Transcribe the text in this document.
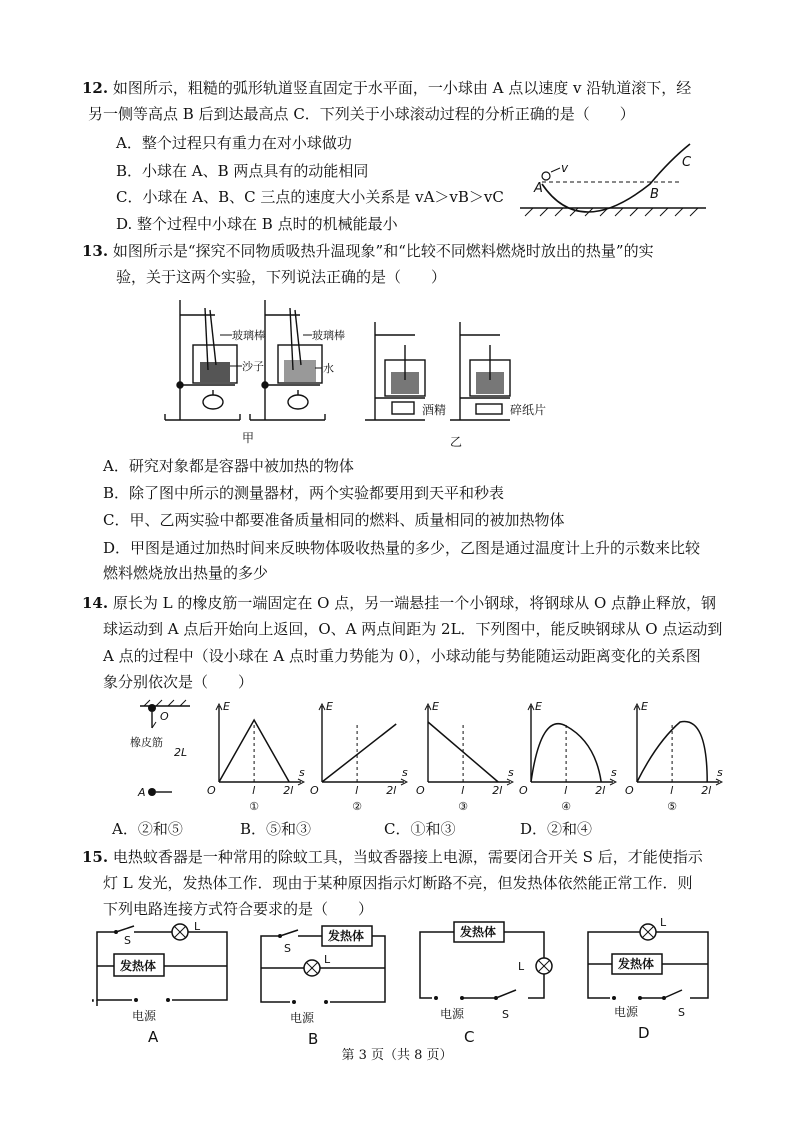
12. 如图所示，粗糙的弧形轨道竖直固定于水平面，一小球由 A 点以速度 v 沿轨道滚下，经
另一侧等高点 B 后到达最高点 C．下列关于小球滚动过程的分析正确的是（　　）
A．整个过程只有重力在对小球做功
B．小球在 A、B 两点具有的动能相同
C．小球在 A、B、C 三点的速度大小关系是 vA＞vB＞vC
D. 整个过程中小球在 B 点时的机械能最小
A
v
B
C
13. 如图所示是“探究不同物质吸热升温现象”和“比较不同燃料燃烧时放出的热量”的实
验，关于这两个实验，下列说法正确的是（　　）
玻璃棒	玻璃棒
沙子	水
甲
酒精	碎纸片
乙
A．研究对象都是容器中被加热的物体
B．除了图中所示的测量器材，两个实验都要用到天平和秒表
C．甲、乙两实验中都要准备质量相同的燃料、质量相同的被加热物体
D．甲图是通过加热时间来反映物体吸收热量的多少，乙图是通过温度计上升的示数来比较
燃料燃烧放出热量的多少
14. 原长为 L 的橡皮筋一端固定在 O 点，另一端悬挂一个小钢球，将钢球从 O 点静止释放，钢
球运动到 A 点后开始向上返回，O、A 两点间距为 2L．下列图中，能反映钢球从 O 点运动到
A 点的过程中（设小球在 A 点时重力势能为 0），小球动能与势能随运动距离变化的关系图
象分别依次是（　　）
O
橡皮筋
2L
A
E
O	l	2l
s
①
E
O	l	2l
s
②
E
O	l	2l
s
③
E
O	l	2l
s
④
E
O	l	2l
s
⑤
A．②和⑤	B．⑤和③	C．①和③	D．②和④
15. 电热蚊香器是一种常用的除蚊工具，当蚊香器接上电源，需要闭合开关 S 后，才能使指示
灯 L 发光，发热体工作．现由于某种原因指示灯断路不亮，但发热体依然能正常工作．则
下列电路连接方式符合要求的是（　　）
S
L
发热体
电源
A
S
L
发热体
电源
B
L
S
发热体
电源
C
L
S
发热体
电源
D
第 3 页（共 8 页）
